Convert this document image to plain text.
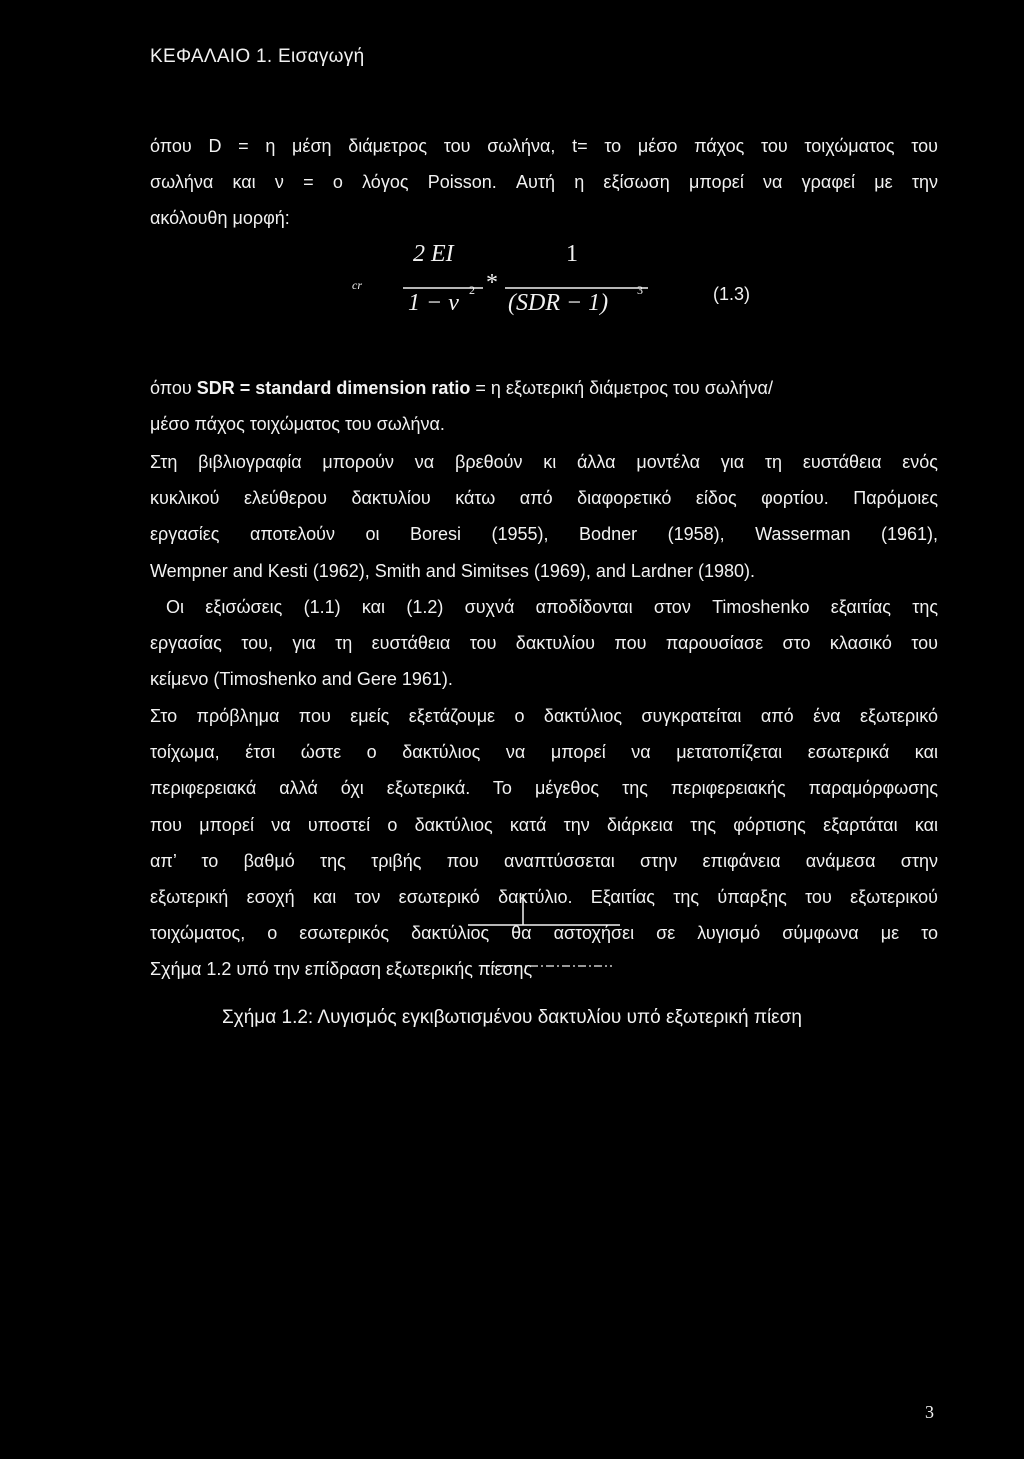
ΚΕΦΑΛΑΙΟ 1. Εισαγωγή
όπου D = η μέση διάμετρος του σωλήνα, t= το μέσο πάχος του τοιχώματος του
σωλήνα και ν = ο λόγος Poisson. Αυτή η εξίσωση μπορεί να γραφεί με την
ακόλουθη μορφή:
cr
2 EI
1 − ν 2 *
1
(SDR − 1) 3	(1.3)
όπου SDR = standard dimension ratio = η εξωτερική διάμετρος του σωλήνα/
μέσο πάχος τοιχώματος του σωλήνα.
Στη βιβλιογραφία μπορούν να βρεθούν κι άλλα μοντέλα για τη ευστάθεια ενός
κυκλικού ελεύθερου δακτυλίου κάτω από διαφορετικό είδος φορτίου. Παρόμοιες
εργασίες αποτελούν οι Boresi (1955), Bodner (1958), Wasserman (1961),
Wempner and Kesti (1962), Smith and Simitses (1969), and Lardner (1980).
Οι εξισώσεις (1.1) και (1.2) συχνά αποδίδονται στον Timoshenko εξαιτίας της
εργασίας του, για τη ευστάθεια του δακτυλίου που παρουσίασε στο κλασικό του
κείμενο (Timoshenko and Gere 1961).
Στο πρόβλημα που εμείς εξετάζουμε ο δακτύλιος συγκρατείται από ένα εξωτερικό
τοίχωμα, έτσι ώστε ο δακτύλιος να μπορεί να μετατοπίζεται εσωτερικά και
περιφερειακά αλλά όχι εξωτερικά. Το μέγεθος της περιφερειακής παραμόρφωσης
που μπορεί να υποστεί ο δακτύλιος κατά την διάρκεια της φόρτισης εξαρτάται και
απ’ το βαθμό της τριβής που αναπτύσσεται στην επιφάνεια ανάμεσα στην
εξωτερική εσοχή και τον εσωτερικό δακτύλιο. Εξαιτίας της ύπαρξης του εξωτερικού
τοιχώματος, ο εσωτερικός δακτύλιος θα αστοχήσει σε λυγισμό σύμφωνα με το
Σχήμα 1.2 υπό την επίδραση εξωτερικής πίεσης
Σχήμα 1.2: Λυγισμός εγκιβωτισμένου δακτυλίου υπό εξωτερική πίεση
3
